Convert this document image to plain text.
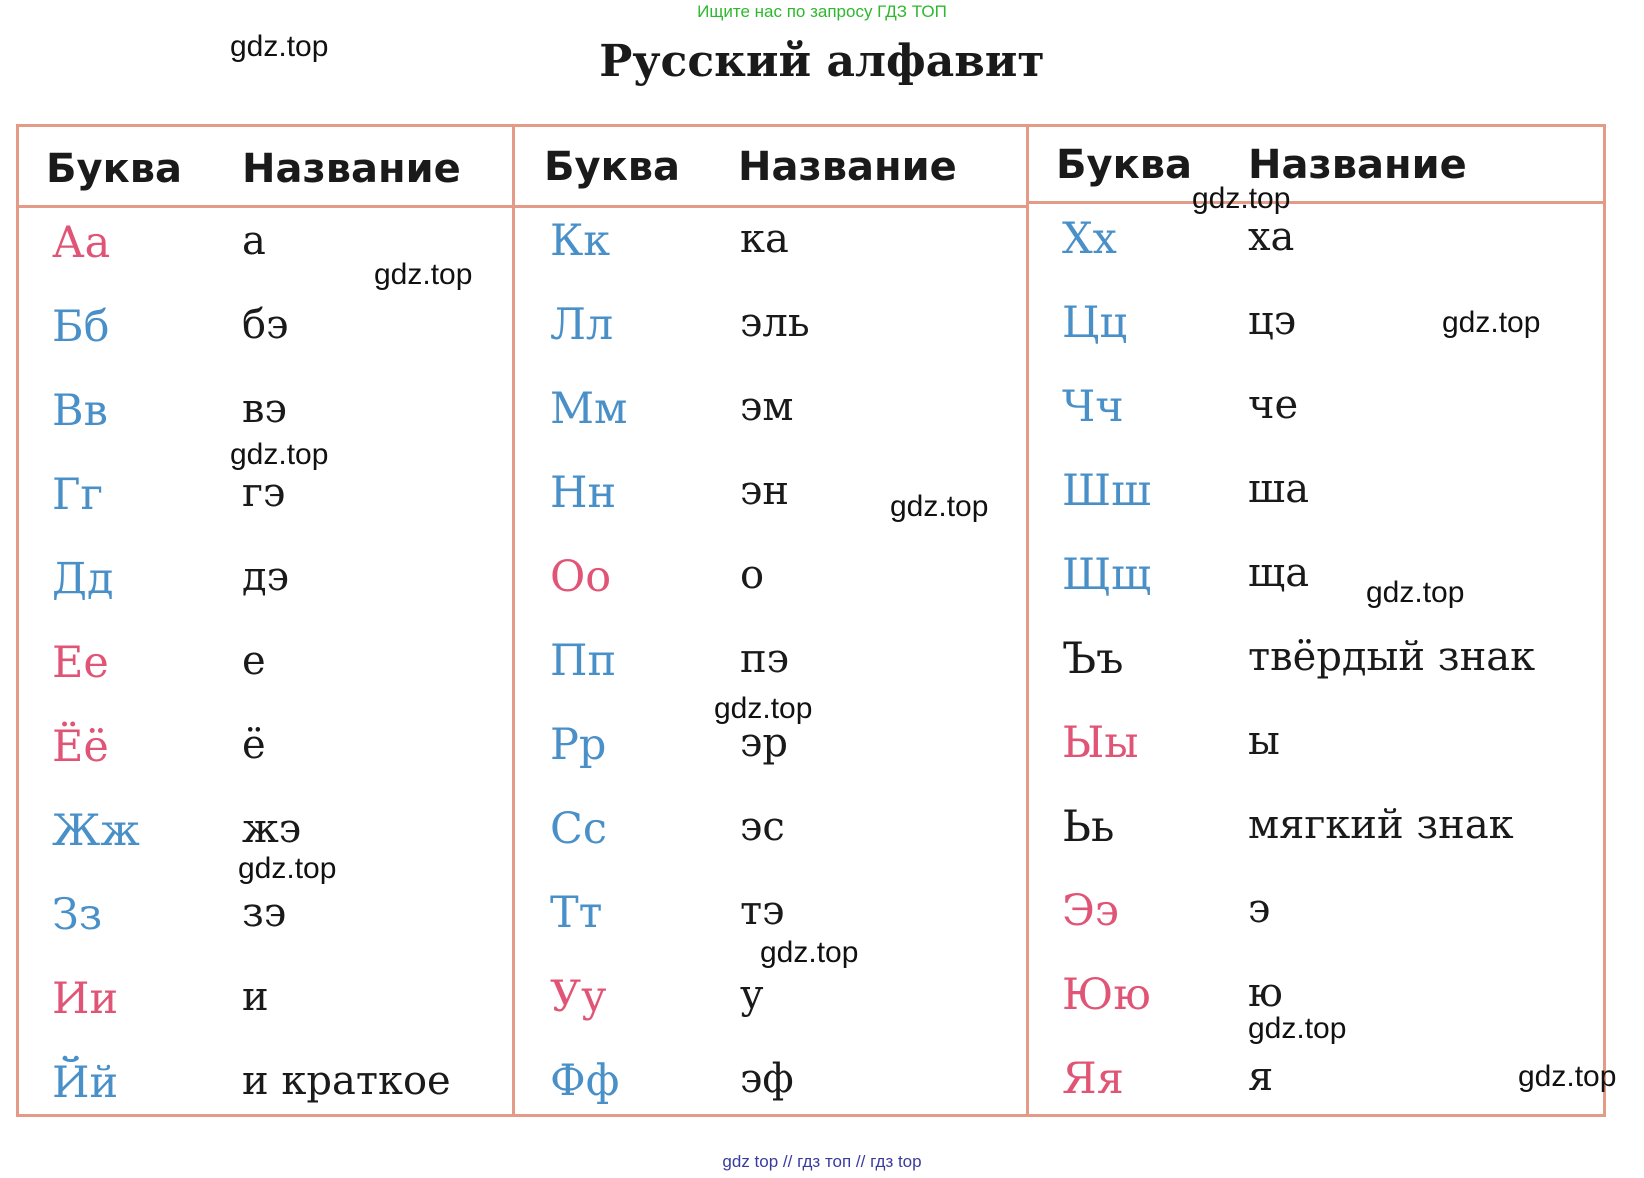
Ищите нас по запросу ГДЗ ТОП
Русский алфавит
Буква Название Буква Название Буква Название
Аа	а
Бб	бэ
Вв	вэ
Гг	гэ
Дд	дэ
Ее	е
Ёё	ё
Жж	жэ
Зз	зэ
Ии	и
Йй	и краткое
Кк	ка
Лл	эль
Мм	эм
Нн	эн
Оо	о
Пп	пэ
Рр	эр
Сс	эс
Тт	тэ
Уу	у
Фф	эф
Хх	ха
Цц	цэ
Чч	че
Шш ша
Щщ ща
Ъъ	твёрдый знак
Ыы	ы
Ьь	мягкий знак
Ээ	э
Юю ю
Яя	я
gdz.top
gdz.top
gdz.top
gdz.top
gdz.top
gdz.top
gdz.top
gdz.top
gdz.top
gdz.top
gdz.top
gdz.top
gdz top // гдз топ // гдз top
